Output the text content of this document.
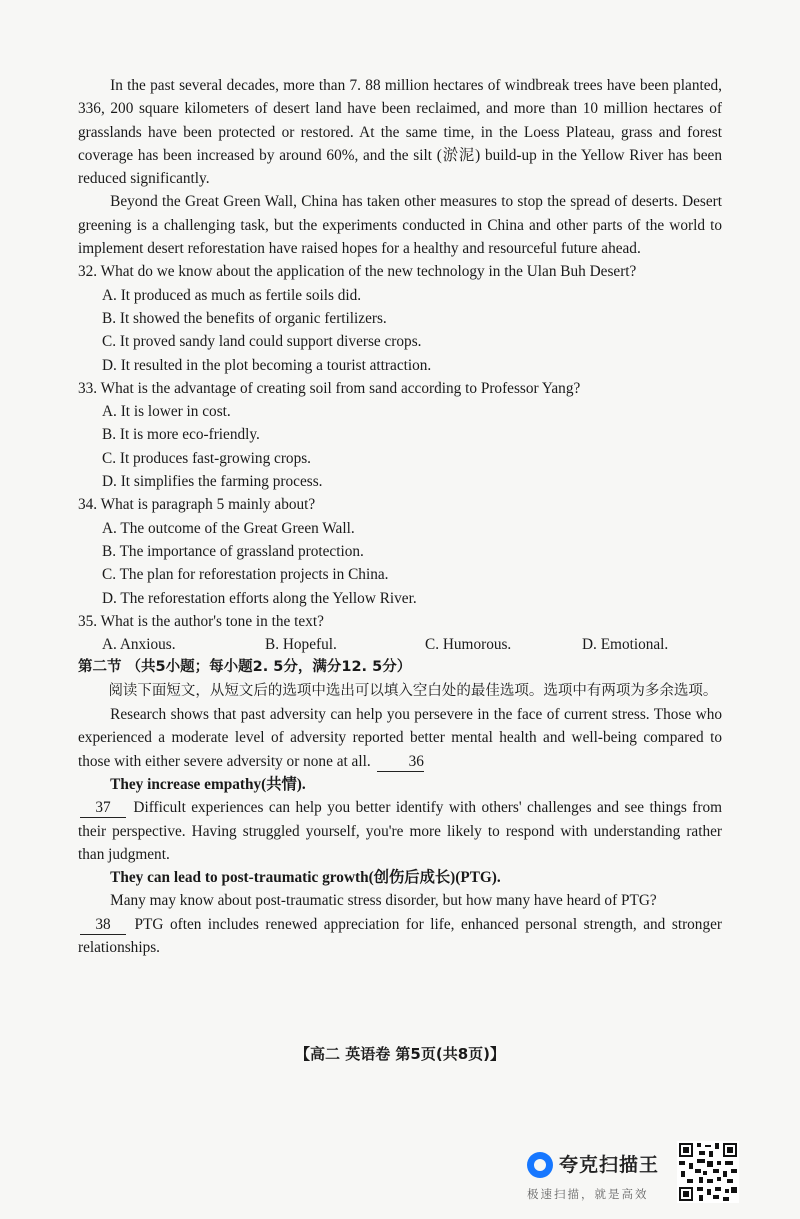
In the past several decades, more than 7. 88 million hectares of windbreak trees have been planted, 336, 200 square kilometers of desert land have been reclaimed, and more than 10 million hectares of grasslands have been protected or restored. At the same time, in the Loess Plateau, grass and forest coverage has been increased by around 60%, and the silt (淤泥) build-up in the Yellow River has been reduced significantly.

Beyond the Great Green Wall, China has taken other measures to stop the spread of deserts. Desert greening is a challenging task, but the experiments conducted in China and other parts of the world to implement desert reforestation have raised hopes for a healthy and resourceful future ahead.

32. What do we know about the application of the new technology in the Ulan Buh Desert?

A. It produced as much as fertile soils did.

B. It showed the benefits of organic fertilizers.

C. It proved sandy land could support diverse crops.

D. It resulted in the plot becoming a tourist attraction.

33. What is the advantage of creating soil from sand according to Professor Yang?

A. It is lower in cost.

B. It is more eco-friendly.

C. It produces fast-growing crops.

D. It simplifies the farming process.

34. What is paragraph 5 mainly about?

A. The outcome of the Great Green Wall.

B. The importance of grassland protection.

C. The plan for reforestation projects in China.

D. The reforestation efforts along the Yellow River.

35. What is the author's tone in the text?

A. Anxious.	B. Hopeful.	C. Humorous.	D. Emotional.

第二节 （共5小题；每小题2. 5分，满分12. 5分）

阅读下面短文，从短文后的选项中选出可以填入空白处的最佳选项。选项中有两项为多余选项。

Research shows that past adversity can help you persevere in the face of current stress. Those who experienced a moderate level of adversity reported better mental health and well-being compared to those with either severe adversity or none at all. 36

They increase empathy(共情).

37 Difficult experiences can help you better identify with others' challenges and see things from their perspective. Having struggled yourself, you're more likely to respond with understanding rather than judgment.

They can lead to post-traumatic growth(创伤后成长)(PTG).

Many may know about post-traumatic stress disorder, but how many have heard of PTG?

38 PTG often includes renewed appreciation for life, enhanced personal strength, and stronger relationships.

【高二 英语卷 第5页(共8页)】
夸克扫描王
极速扫描，就是高效
